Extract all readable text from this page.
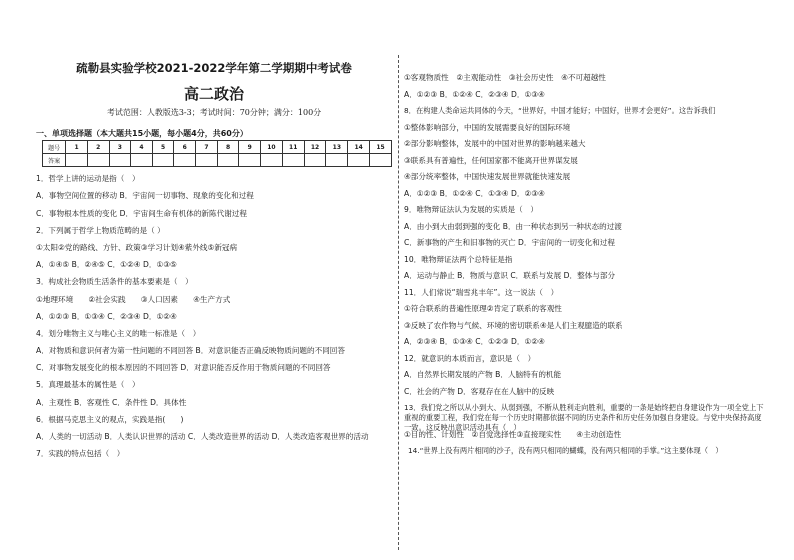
疏勒县实验学校2021-2022学年第二学期期中考试卷
高二政治
考试范围：人教版选3-3；考试时间：70分钟；满分：100分
一、单项选择题（本大题共15小题，每小题4分，共60分）
题号	1	2	3	4	5	6	7	8	9	10	11	12	13	14	15
答案															
1．哲学上讲的运动是指（　）
A．事物空间位置的移动 B．宇宙间一切事物、现象的变化和过程
C．事物根本性质的变化 D．宇宙间生命有机体的新陈代谢过程
2．下列属于哲学上物质范畴的是（ ）
①太阳②党的路线、方针、政策③学习计划④紫外线⑤新冠病
A．①④⑤ B．②④⑤ C．①②④ D．①③⑤
3．构成社会物质生活条件的基本要素是（　）
①地理环境　　②社会实践　　③人口因素　　④生产方式
A．①②③ B．①③④ C．②③④ D．①②④
4．划分唯物主义与唯心主义的唯一标准是（　）
A．对物质和意识何者为第一性问题的不同回答 B．对意识能否正确反映物质问题的不同回答
C．对事物发展变化的根本原因的不同回答 D．对意识能否反作用于物质问题的不同回答
5．真理最基本的属性是（　）
A．主观性 B．客观性 C．条件性 D．具体性
6．根据马克思主义的观点，实践是指(　　)
A．人类的一切活动 B．人类认识世界的活动 C．人类改造世界的活动 D．人类改造客观世界的活动
7．实践的特点包括（　）
①客观物质性　②主观能动性　③社会历史性　④不可超越性
A．①②③ B．①②④ C．②③④ D．①③④
8．在构建人类命运共同体的今天，“世界好，中国才能好；中国好，世界才会更好”。这告诉我们
①整体影响部分，中国的发展需要良好的国际环境
②部分影响整体，发展中的中国对世界的影响越来越大
③联系具有普遍性，任何国家都不能离开世界谋发展
④部分统率整体，中国快速发展世界就能快速发展
A．①②③ B．①②④ C．①③④ D．②③④
9．唯物辩证法认为发展的实质是（　）
A．由小到大由弱到强的变化 B．由一种状态到另一种状态的过渡
C．新事物的产生和旧事物的灭亡 D．宇宙间的一切变化和过程
10．唯物辩证法两个总特征是指
A．运动与静止 B．物质与意识 C．联系与发展 D．整体与部分
11．人们常说“瑞雪兆丰年”。这一说法（　）
①符合联系的普遍性原理②肯定了联系的客观性
③反映了农作物与气候、环境的密切联系④是人们主观臆造的联系
A．②③④ B．①③④ C．①②③ D．①②④
12．就意识的本质而言，意识是（　）
A．自然界长期发展的产物 B．人脑特有的机能
C．社会的产物 D．客观存在在人脑中的反映
13．我们党之所以从小到大、从弱到强，不断从胜利走向胜利，重要的一条是始终把自身建设作为一项全党上下重视的重要工程，我们党在每一个历史时期都依据不同的历史条件和历史任务加强自身建设。与党中央保持高度一致。这反映出意识活动具有（　）
①目的性、计划性　②自觉选择性③直接现实性　　④主动创造性
14.“世界上没有两片相同的沙子，没有两只相同的蝴蝶，没有两只相同的手掌。”这主要体现（　）
